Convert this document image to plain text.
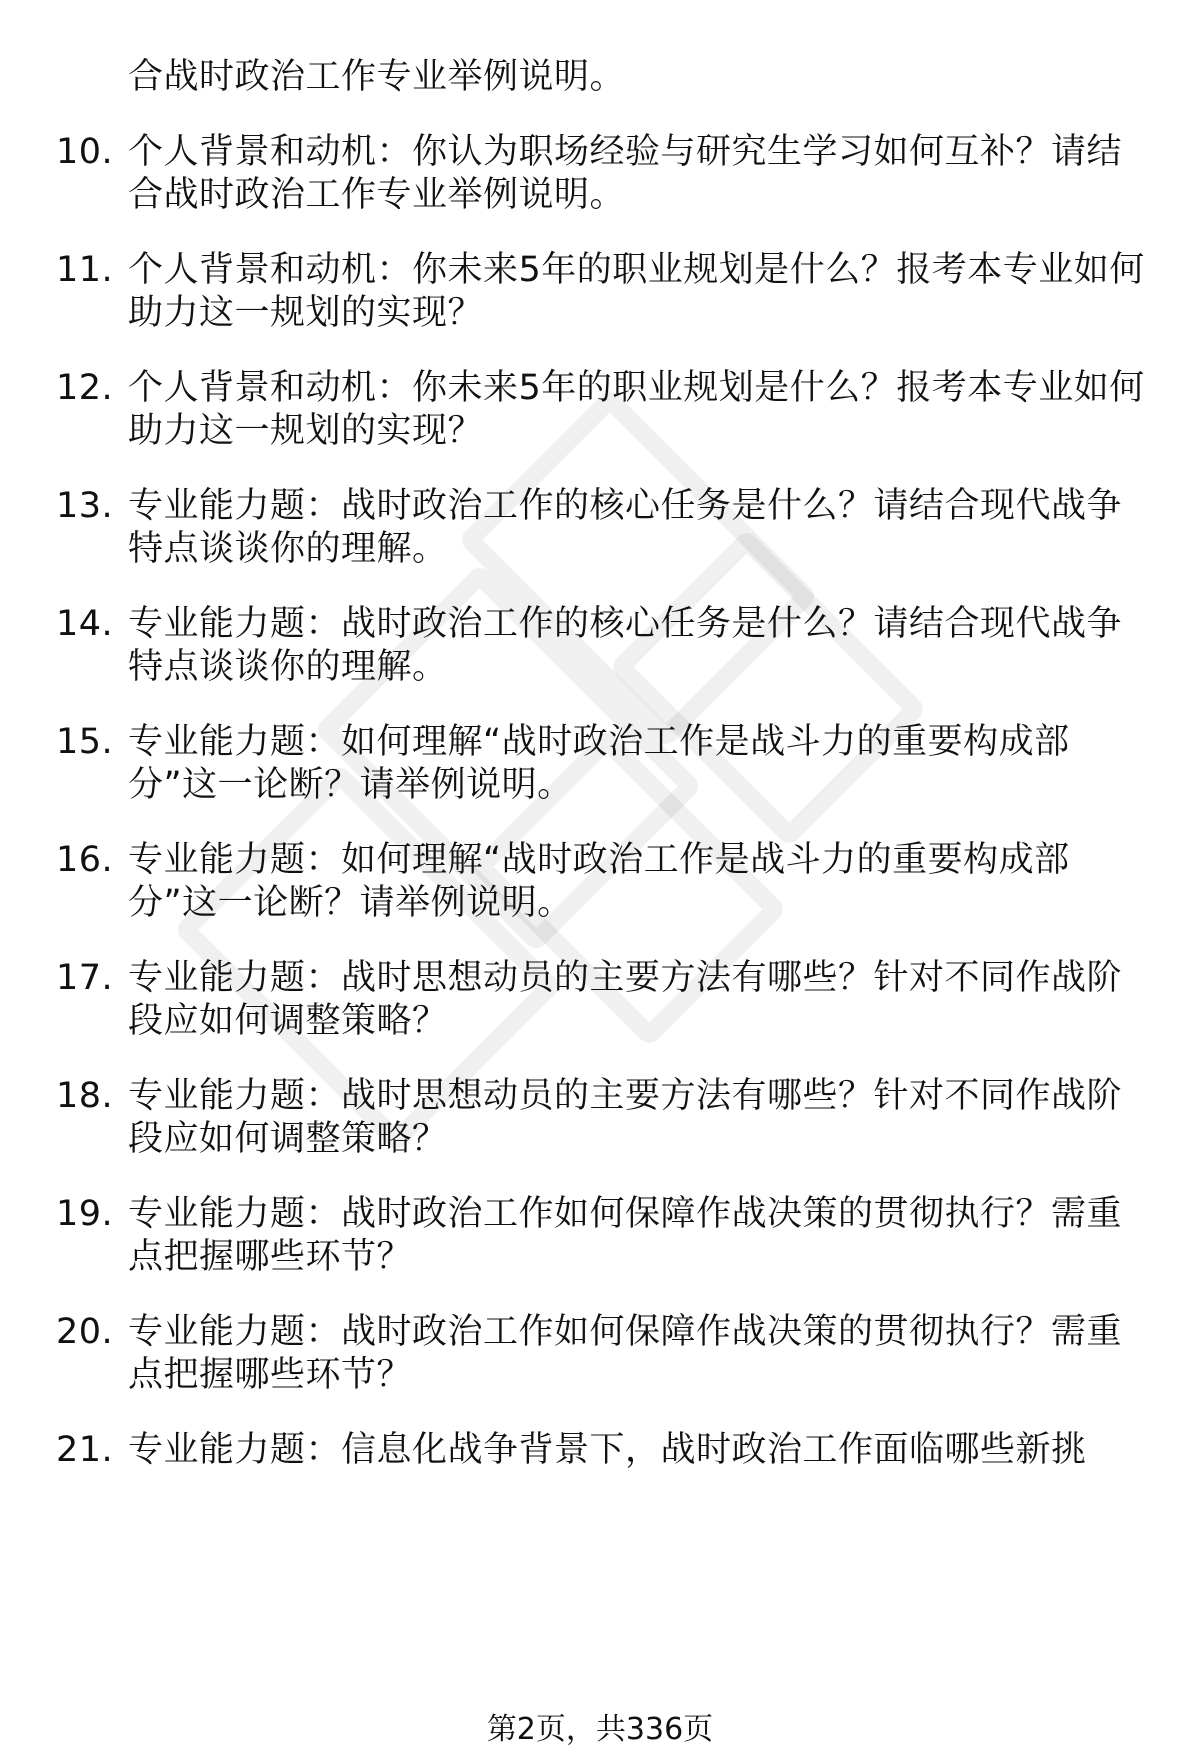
合战时政治工作专业举例说明。
10. 个人背景和动机：你认为职场经验与研究生学习如何互补？请结
合战时政治工作专业举例说明。
11. 个人背景和动机：你未来5年的职业规划是什么？报考本专业如何
助力这一规划的实现？
12. 个人背景和动机：你未来5年的职业规划是什么？报考本专业如何
助力这一规划的实现？
13. 专业能力题：战时政治工作的核心任务是什么？请结合现代战争
特点谈谈你的理解。
14. 专业能力题：战时政治工作的核心任务是什么？请结合现代战争
特点谈谈你的理解。
15. 专业能力题：如何理解“战时政治工作是战斗力的重要构成部
分”这一论断？请举例说明。
16. 专业能力题：如何理解“战时政治工作是战斗力的重要构成部
分”这一论断？请举例说明。
17. 专业能力题：战时思想动员的主要方法有哪些？针对不同作战阶
段应如何调整策略？
18. 专业能力题：战时思想动员的主要方法有哪些？针对不同作战阶
段应如何调整策略？
19. 专业能力题：战时政治工作如何保障作战决策的贯彻执行？需重
点把握哪些环节？
20. 专业能力题：战时政治工作如何保障作战决策的贯彻执行？需重
点把握哪些环节？
21. 专业能力题：信息化战争背景下，战时政治工作面临哪些新挑
第2页，共336页
